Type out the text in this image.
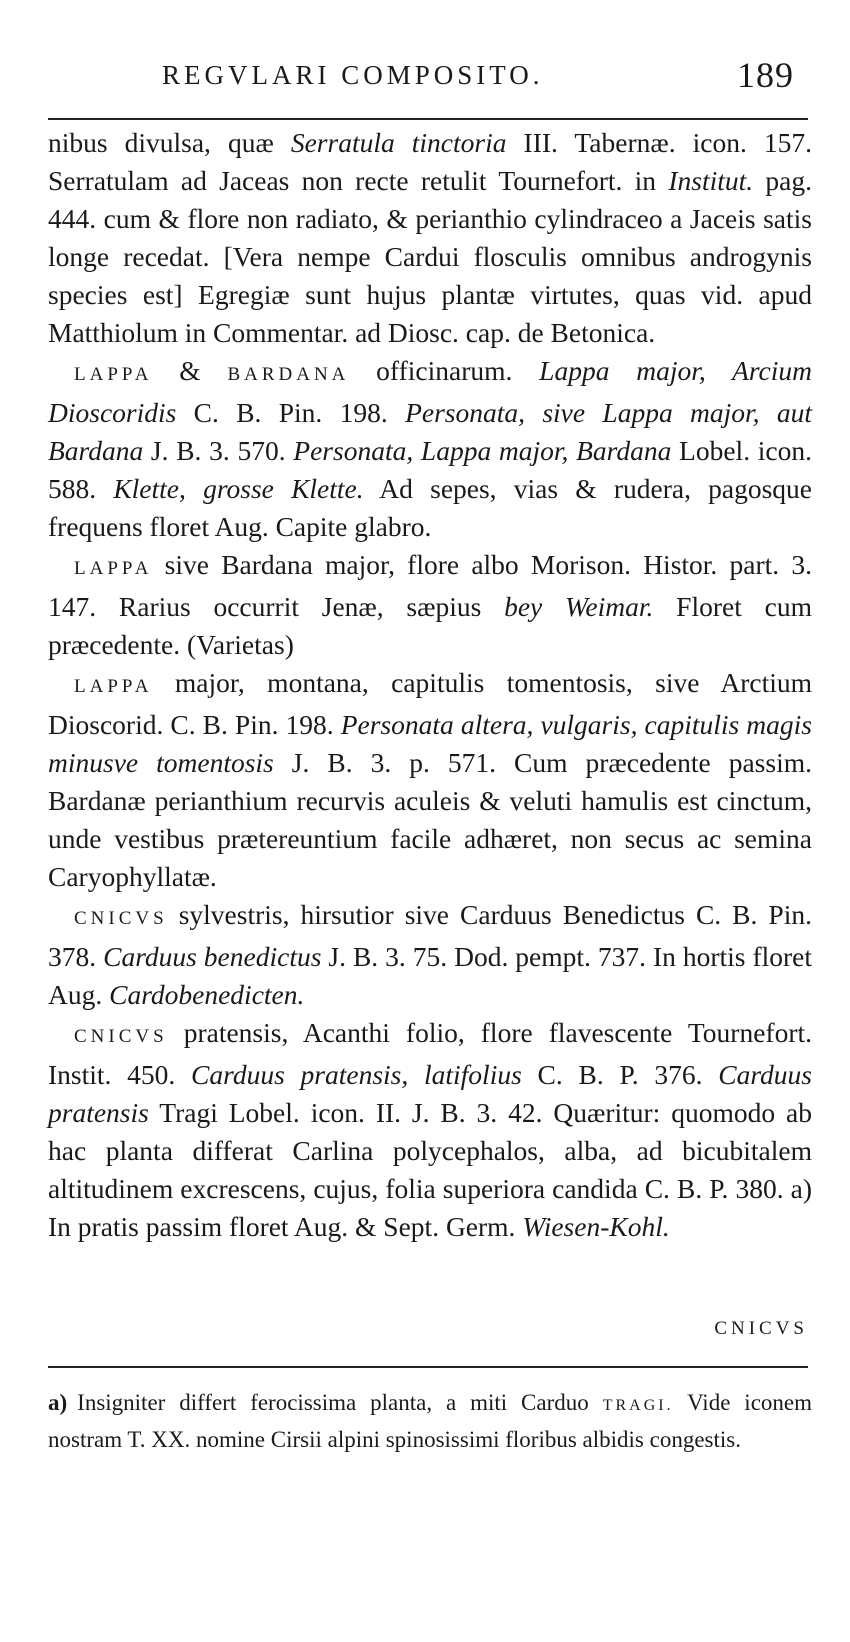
REGVLARI COMPOSITO.	189

nibus divulsa, quæ Serratula tinctoria III. Tabernæ. icon. 157. Serratulam ad Jaceas non recte retulit Tournefort. in Institut. pag. 444. cum & flore non radiato, & perianthio cylindraceo a Jaceis satis longe recedat. [Vera nempe Cardui flosculis omnibus androgynis species est] Egregiæ sunt hujus plantæ virtutes, quas vid. apud Matthiolum in Commentar. ad Diosc. cap. de Betonica.

LAPPA & BARDANA officinarum. Lappa major, Arcium Dioscoridis C. B. Pin. 198. Personata, sive Lappa major, aut Bardana J. B. 3. 570. Personata, Lappa major, Bardana Lobel. icon. 588. Klette, grosse Klette. Ad sepes, vias & rudera, pagosque frequens floret Aug. Capite glabro.

LAPPA sive Bardana major, flore albo Morison. Histor. part. 3. 147. Rarius occurrit Jenæ, sæpius bey Weimar. Floret cum præcedente. (Varietas)

LAPPA major, montana, capitulis tomentosis, sive Arctium Dioscorid. C. B. Pin. 198. Personata altera, vulgaris, capitulis magis minusve tomentosis J. B. 3. p. 571. Cum præcedente passim. Bardanæ perianthium recurvis aculeis & veluti hamulis est cinctum, unde vestibus prætereuntium facile adhæret, non secus ac semina Caryophyllatæ.

CNICVS sylvestris, hirsutior sive Carduus Benedictus C. B. Pin. 378. Carduus benedictus J. B. 3. 75. Dod. pempt. 737. In hortis floret Aug. Cardobenedicten.

CNICVS pratensis, Acanthi folio, flore flavescente Tournefort. Instit. 450. Carduus pratensis, latifolius C. B. P. 376. Carduus pratensis Tragi Lobel. icon. II. J. B. 3. 42. Quæritur: quomodo ab hac planta differat Carlina polycephalos, alba, ad bicubitalem altitudinem excrescens, cujus, folia superiora candida C. B. P. 380. a) In pratis passim floret Aug. & Sept. Germ. Wiesen-Kohl.

CNICVS
a) Insigniter differt ferocissima planta, a miti Carduo TRAGI. Vide iconem nostram T. XX. nomine Cirsii alpini spinosissimi floribus albidis congestis.
